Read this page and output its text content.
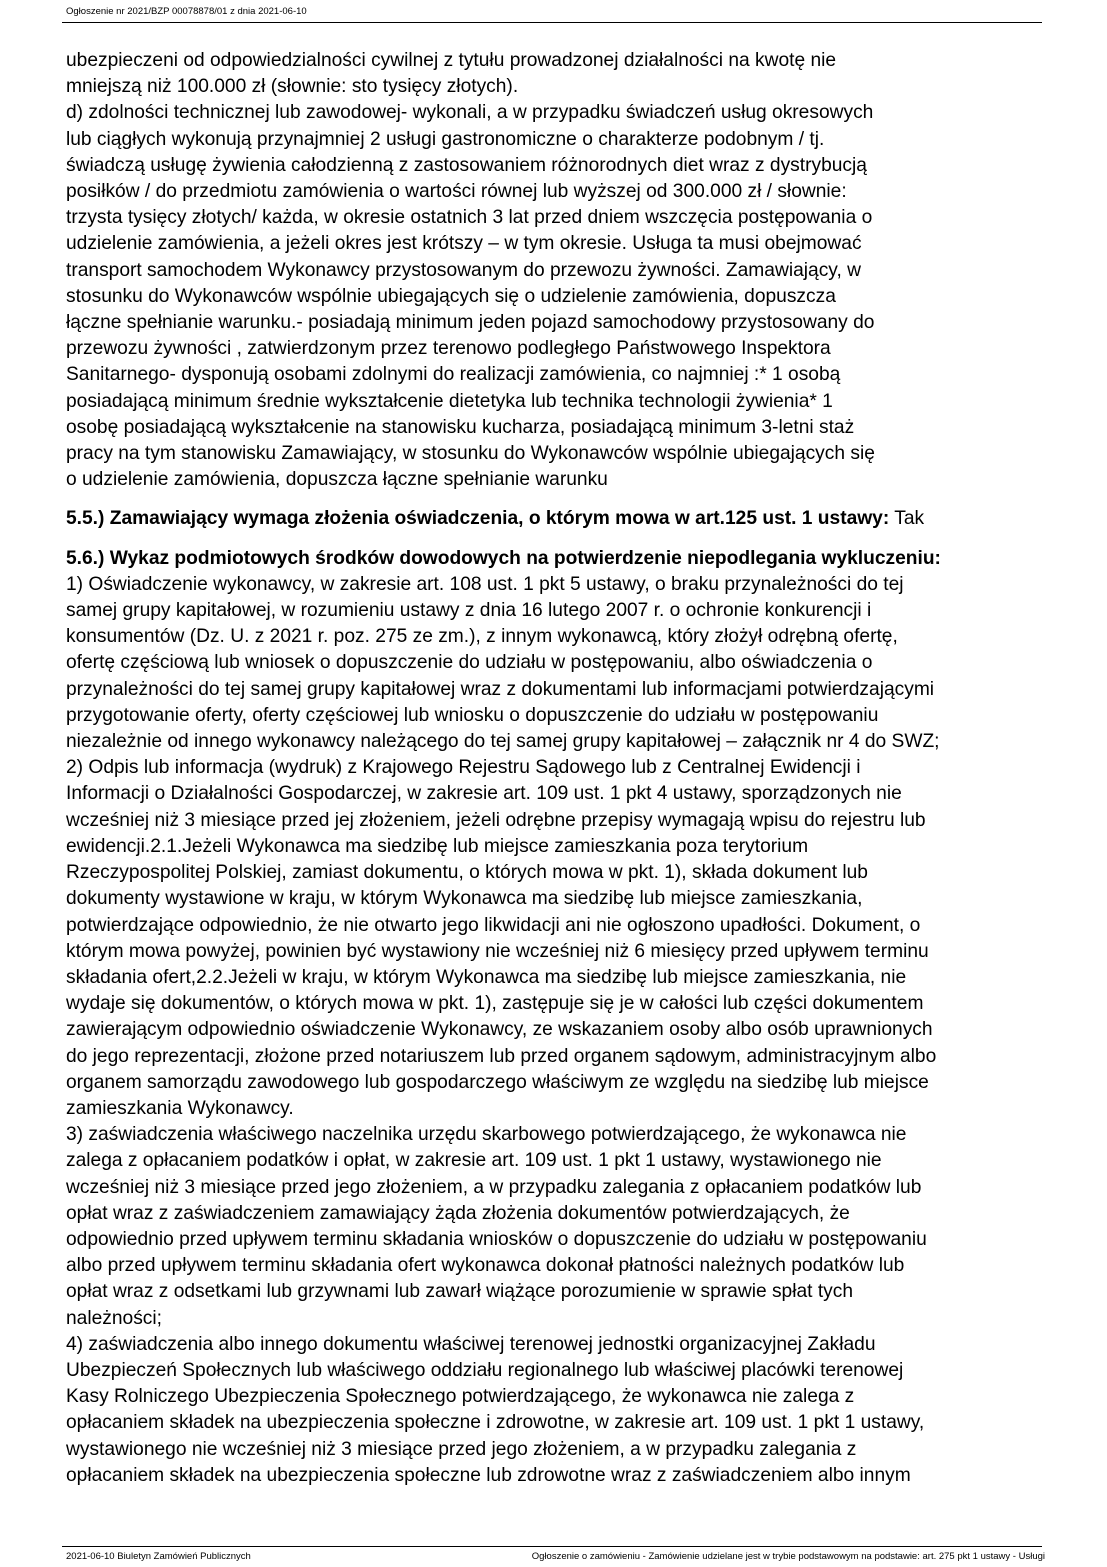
Ogłoszenie nr 2021/BZP 00078878/01 z dnia 2021-06-10

ubezpieczeni od odpowiedzialności cywilnej z tytułu prowadzonej działalności na kwotę nie

mniejszą niż 100.000 zł (słownie: sto tysięcy złotych).

d) zdolności technicznej lub zawodowej- wykonali, a w przypadku świadczeń usług okresowych

lub ciągłych wykonują przynajmniej 2 usługi gastronomiczne o charakterze podobnym / tj.

świadczą usługę żywienia całodzienną z zastosowaniem różnorodnych diet wraz z dystrybucją

posiłków / do przedmiotu zamówienia o wartości równej lub wyższej od 300.000 zł / słownie:

trzysta tysięcy złotych/ każda, w okresie ostatnich 3 lat przed dniem wszczęcia postępowania o

udzielenie zamówienia, a jeżeli okres jest krótszy – w tym okresie. Usługa ta musi obejmować

transport samochodem Wykonawcy przystosowanym do przewozu żywności. Zamawiający, w

stosunku do Wykonawców wspólnie ubiegających się o udzielenie zamówienia, dopuszcza

łączne spełnianie warunku.- posiadają minimum jeden pojazd samochodowy przystosowany do

przewozu żywności , zatwierdzonym przez terenowo podległego Państwowego Inspektora

Sanitarnego- dysponują osobami zdolnymi do realizacji zamówienia, co najmniej :* 1 osobą

posiadającą minimum średnie wykształcenie dietetyka lub technika technologii żywienia* 1

osobę posiadającą wykształcenie na stanowisku kucharza, posiadającą minimum 3-letni staż

pracy na tym stanowisku Zamawiający, w stosunku do Wykonawców wspólnie ubiegających się

o udzielenie zamówienia, dopuszcza łączne spełnianie warunku

5.5.) Zamawiający wymaga złożenia oświadczenia, o którym mowa w art.125 ust. 1 ustawy: Tak

5.6.) Wykaz podmiotowych środków dowodowych na potwierdzenie niepodlegania wykluczeniu:

1) Oświadczenie wykonawcy, w zakresie art. 108 ust. 1 pkt 5 ustawy, o braku przynależności do tej

samej grupy kapitałowej, w rozumieniu ustawy z dnia 16 lutego 2007 r. o ochronie konkurencji i

konsumentów (Dz. U. z 2021 r. poz. 275 ze zm.), z innym wykonawcą, który złożył odrębną ofertę,

ofertę częściową lub wniosek o dopuszczenie do udziału w postępowaniu, albo oświadczenia o

przynależności do tej samej grupy kapitałowej wraz z dokumentami lub informacjami potwierdzającymi

przygotowanie oferty, oferty częściowej lub wniosku o dopuszczenie do udziału w postępowaniu

niezależnie od innego wykonawcy należącego do tej samej grupy kapitałowej – załącznik nr 4 do SWZ;

2) Odpis lub informacja (wydruk) z Krajowego Rejestru Sądowego lub z Centralnej Ewidencji i

Informacji o Działalności Gospodarczej, w zakresie art. 109 ust. 1 pkt 4 ustawy, sporządzonych nie

wcześniej niż 3 miesiące przed jej złożeniem, jeżeli odrębne przepisy wymagają wpisu do rejestru lub

ewidencji.2.1.Jeżeli Wykonawca ma siedzibę lub miejsce zamieszkania poza terytorium

Rzeczypospolitej Polskiej, zamiast dokumentu, o których mowa w pkt. 1), składa dokument lub

dokumenty wystawione w kraju, w którym Wykonawca ma siedzibę lub miejsce zamieszkania,

potwierdzające odpowiednio, że nie otwarto jego likwidacji ani nie ogłoszono upadłości. Dokument, o

którym mowa powyżej, powinien być wystawiony nie wcześniej niż 6 miesięcy przed upływem terminu

składania ofert,2.2.Jeżeli w kraju, w którym Wykonawca ma siedzibę lub miejsce zamieszkania, nie

wydaje się dokumentów, o których mowa w pkt. 1), zastępuje się je w całości lub części dokumentem

zawierającym odpowiednio oświadczenie Wykonawcy, ze wskazaniem osoby albo osób uprawnionych

do jego reprezentacji, złożone przed notariuszem lub przed organem sądowym, administracyjnym albo

organem samorządu zawodowego lub gospodarczego właściwym ze względu na siedzibę lub miejsce

zamieszkania Wykonawcy.

3) zaświadczenia właściwego naczelnika urzędu skarbowego potwierdzającego, że wykonawca nie

zalega z opłacaniem podatków i opłat, w zakresie art. 109 ust. 1 pkt 1 ustawy, wystawionego nie

wcześniej niż 3 miesiące przed jego złożeniem, a w przypadku zalegania z opłacaniem podatków lub

opłat wraz z zaświadczeniem zamawiający żąda złożenia dokumentów potwierdzających, że

odpowiednio przed upływem terminu składania wniosków o dopuszczenie do udziału w postępowaniu

albo przed upływem terminu składania ofert wykonawca dokonał płatności należnych podatków lub

opłat wraz z odsetkami lub grzywnami lub zawarł wiążące porozumienie w sprawie spłat tych

należności;

4) zaświadczenia albo innego dokumentu właściwej terenowej jednostki organizacyjnej Zakładu

Ubezpieczeń Społecznych lub właściwego oddziału regionalnego lub właściwej placówki terenowej

Kasy Rolniczego Ubezpieczenia Społecznego potwierdzającego, że wykonawca nie zalega z

opłacaniem składek na ubezpieczenia społeczne i zdrowotne, w zakresie art. 109 ust. 1 pkt 1 ustawy,

wystawionego nie wcześniej niż 3 miesiące przed jego złożeniem, a w przypadku zalegania z

opłacaniem składek na ubezpieczenia społeczne lub zdrowotne wraz z zaświadczeniem albo innym

2021-06-10 Biuletyn Zamówień Publicznych	Ogłoszenie o zamówieniu - Zamówienie udzielane jest w trybie podstawowym na podstawie: art. 275 pkt 1 ustawy - Usługi
